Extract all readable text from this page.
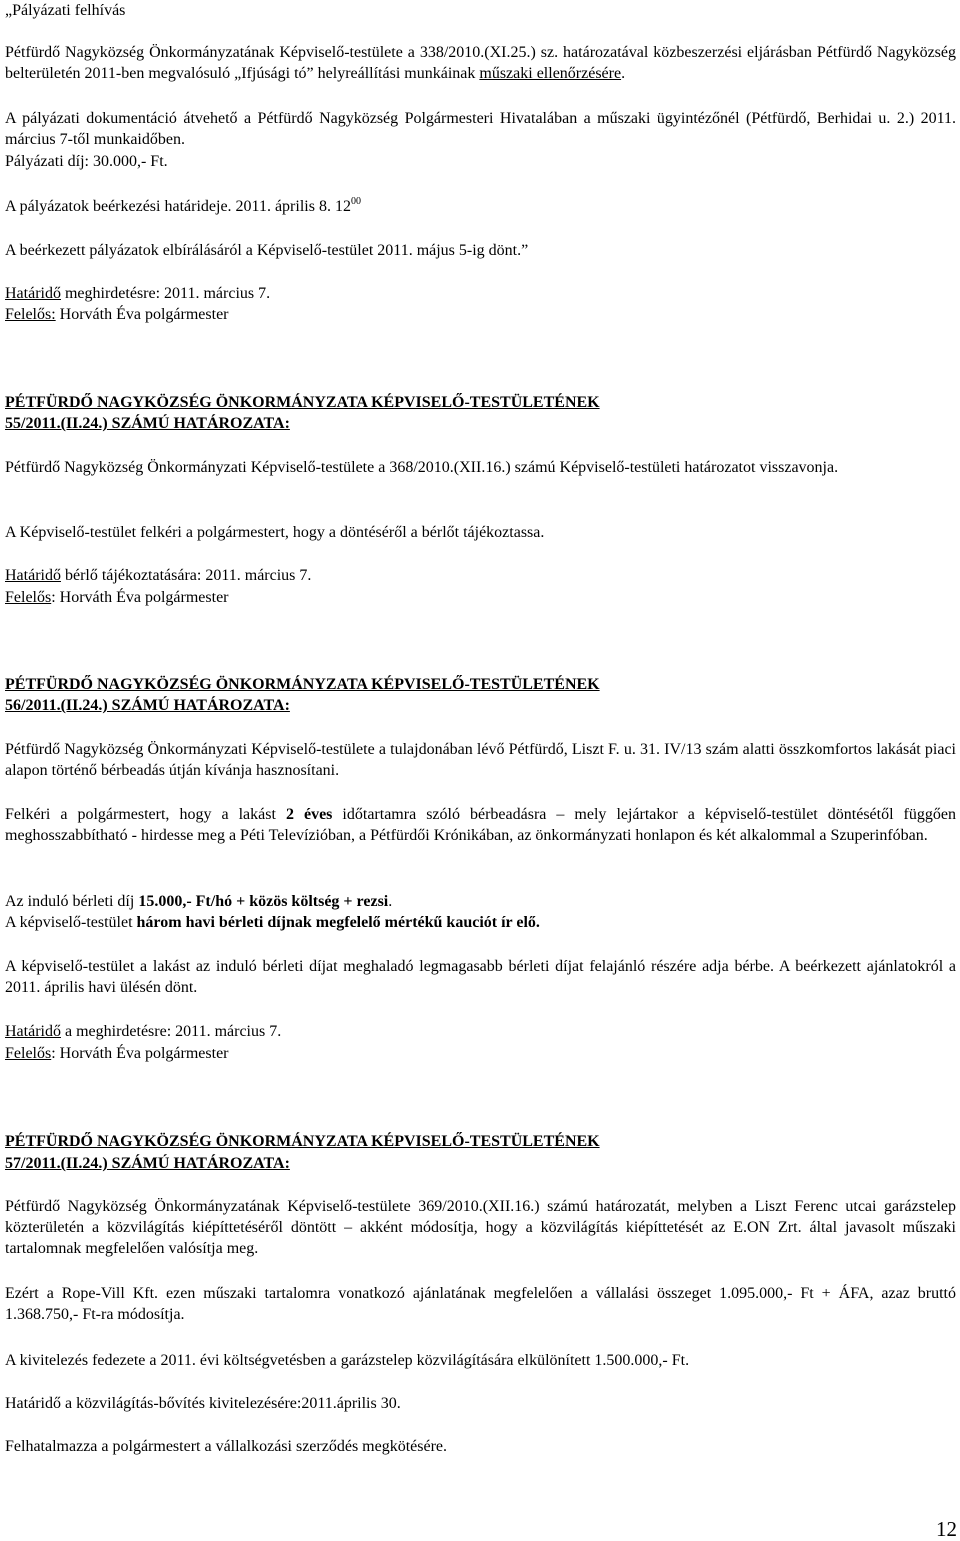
„Pályázati felhívás

Pétfürdő Nagyközség Önkormányzatának Képviselő-testülete a 338/2010.(XI.25.) sz. határozatával közbeszerzési eljárásban Pétfürdő Nagyközség belterületén 2011-ben megvalósuló „Ifjúsági tó” helyreállítási munkáinak műszaki ellenőrzésére.

A pályázati dokumentáció átvehető a Pétfürdő Nagyközség Polgármesteri Hivatalában a műszaki ügyintézőnél (Pétfürdő, Berhidai u. 2.) 2011. március 7-től munkaidőben.

Pályázati díj: 30.000,- Ft.

A pályázatok beérkezési határideje. 2011. április 8. $12^{00}$

A beérkezett pályázatok elbírálásáról a Képviselő-testület 2011. május 5-ig dönt.”

Határidő meghirdetésre: 2011. március 7.

Felelős: Horváth Éva polgármester

PÉTFÜRDŐ NAGYKÖZSÉG ÖNKORMÁNYZATA KÉPVISELŐ-TESTÜLETÉNEK

55/2011.(II.24.) SZÁMÚ HATÁROZATA:

Pétfürdő Nagyközség Önkormányzati Képviselő-testülete a 368/2010.(XII.16.) számú Képviselő-testületi határozatot visszavonja.

A Képviselő-testület felkéri a polgármestert, hogy a döntéséről a bérlőt tájékoztassa.

Határidő bérlő tájékoztatására: 2011. március 7.

Felelős: Horváth Éva polgármester

PÉTFÜRDŐ NAGYKÖZSÉG ÖNKORMÁNYZATA KÉPVISELŐ-TESTÜLETÉNEK

56/2011.(II.24.) SZÁMÚ HATÁROZATA:

Pétfürdő Nagyközség Önkormányzati Képviselő-testülete a tulajdonában lévő Pétfürdő, Liszt F. u. 31. IV/13 szám alatti összkomfortos lakását piaci alapon történő bérbeadás útján kívánja hasznosítani.

Felkéri a polgármestert, hogy a lakást 2 éves időtartamra szóló bérbeadásra – mely lejártakor a képviselő-testület döntésétől függően meghosszabbítható - hirdesse meg a Péti Televízióban, a Pétfürdői Krónikában, az önkormányzati honlapon és két alkalommal a Szuperinfóban.

Az induló bérleti díj 15.000,- Ft/hó + közös költség + rezsi.

A képviselő-testület három havi bérleti díjnak megfelelő mértékű kauciót ír elő.

A képviselő-testület a lakást az induló bérleti díjat meghaladó legmagasabb bérleti díjat felajánló részére adja bérbe. A beérkezett ajánlatokról a 2011. április havi ülésén dönt.

Határidő a meghirdetésre: 2011. március 7.

Felelős: Horváth Éva polgármester

PÉTFÜRDŐ NAGYKÖZSÉG ÖNKORMÁNYZATA KÉPVISELŐ-TESTÜLETÉNEK

57/2011.(II.24.) SZÁMÚ HATÁROZATA:

Pétfürdő Nagyközség Önkormányzatának Képviselő-testülete 369/2010.(XII.16.) számú határozatát, melyben a Liszt Ferenc utcai garázstelep közterületén a közvilágítás kiépíttetéséről döntött – akként módosítja, hogy a közvilágítás kiépíttetését az E.ON Zrt. által javasolt műszaki tartalomnak megfelelően valósítja meg.

Ezért a Rope-Vill Kft. ezen műszaki tartalomra vonatkozó ajánlatának megfelelően a vállalási összeget 1.095.000,- Ft + ÁFA, azaz bruttó 1.368.750,- Ft-ra módosítja.

A kivitelezés fedezete a 2011. évi költségvetésben a garázstelep közvilágítására elkülönített 1.500.000,- Ft.

Határidő a közvilágítás-bővítés kivitelezésére:2011.április 30.

Felhatalmazza a polgármestert a vállalkozási szerződés megkötésére.

12
